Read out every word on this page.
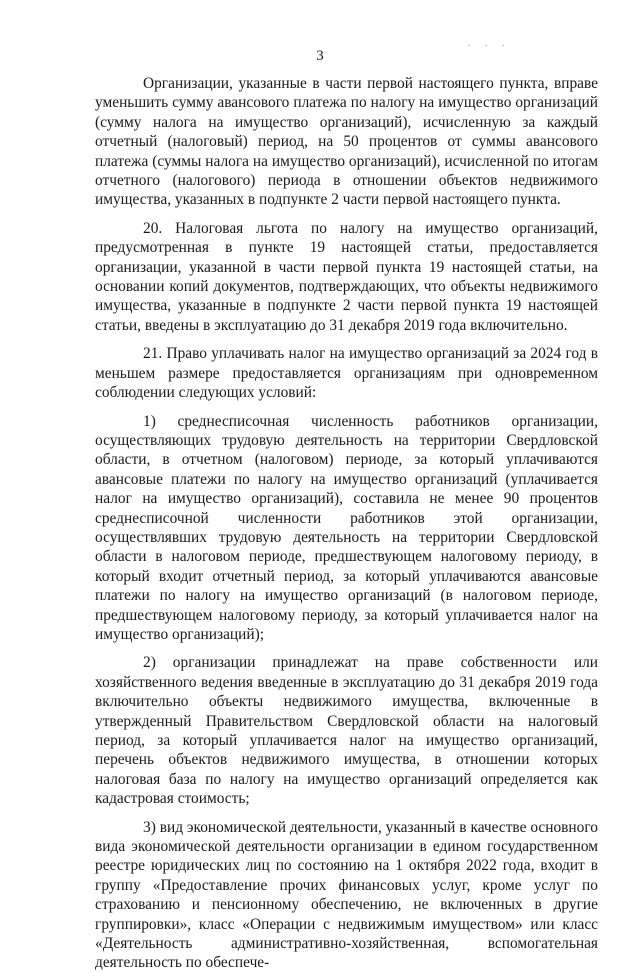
3
. . .

Организации, указанные в части первой настоящего пункта, вправе уменьшить сумму авансового платежа по налогу на имущество организаций (сумму налога на имущество организаций), исчисленную за каждый отчетный (налоговый) период, на 50 процентов от суммы авансового платежа (суммы налога на имущество организаций), исчисленной по итогам отчетного (налогового) периода в отношении объектов недвижимого имущества, указанных в подпункте 2 части первой настоящего пункта.

20. Налоговая льгота по налогу на имущество организаций, предусмотренная в пункте 19 настоящей статьи, предоставляется организации, указанной в части первой пункта 19 настоящей статьи, на основании копий документов, подтверждающих, что объекты недвижимого имущества, указанные в подпункте 2 части первой пункта 19 настоящей статьи, введены в эксплуатацию до 31 декабря 2019 года включительно.

21. Право уплачивать налог на имущество организаций за 2024 год в меньшем размере предоставляется организациям при одновременном соблюдении следующих условий:

1) среднесписочная численность работников организации, осуществляющих трудовую деятельность на территории Свердловской области, в отчетном (налоговом) периоде, за который уплачиваются авансовые платежи по налогу на имущество организаций (уплачивается налог на имущество организаций), составила не менее 90 процентов среднесписочной численности работников этой организации, осуществлявших трудовую деятельность на территории Свердловской области в налоговом периоде, предшествующем налоговому периоду, в который входит отчетный период, за который уплачиваются авансовые платежи по налогу на имущество организаций (в налоговом периоде, предшествующем налоговому периоду, за который уплачивается налог на имущество организаций);

2) организации принадлежат на праве собственности или хозяйственного ведения введенные в эксплуатацию до 31 декабря 2019 года включительно объекты недвижимого имущества, включенные в утвержденный Правительством Свердловской области на налоговый период, за который уплачивается налог на имущество организаций, перечень объектов недвижимого имущества, в отношении которых налоговая база по налогу на имущество организаций определяется как кадастровая стоимость;

3) вид экономической деятельности, указанный в качестве основного вида экономической деятельности организации в едином государственном реестре юридических лиц по состоянию на 1 октября 2022 года, входит в группу «Предоставление прочих финансовых услуг, кроме услуг по страхованию и пенсионному обеспечению, не включенных в другие группировки», класс «Операции с недвижимым имуществом» или класс «Деятельность административно-хозяйственная, вспомогательная деятельность по обеспече-
